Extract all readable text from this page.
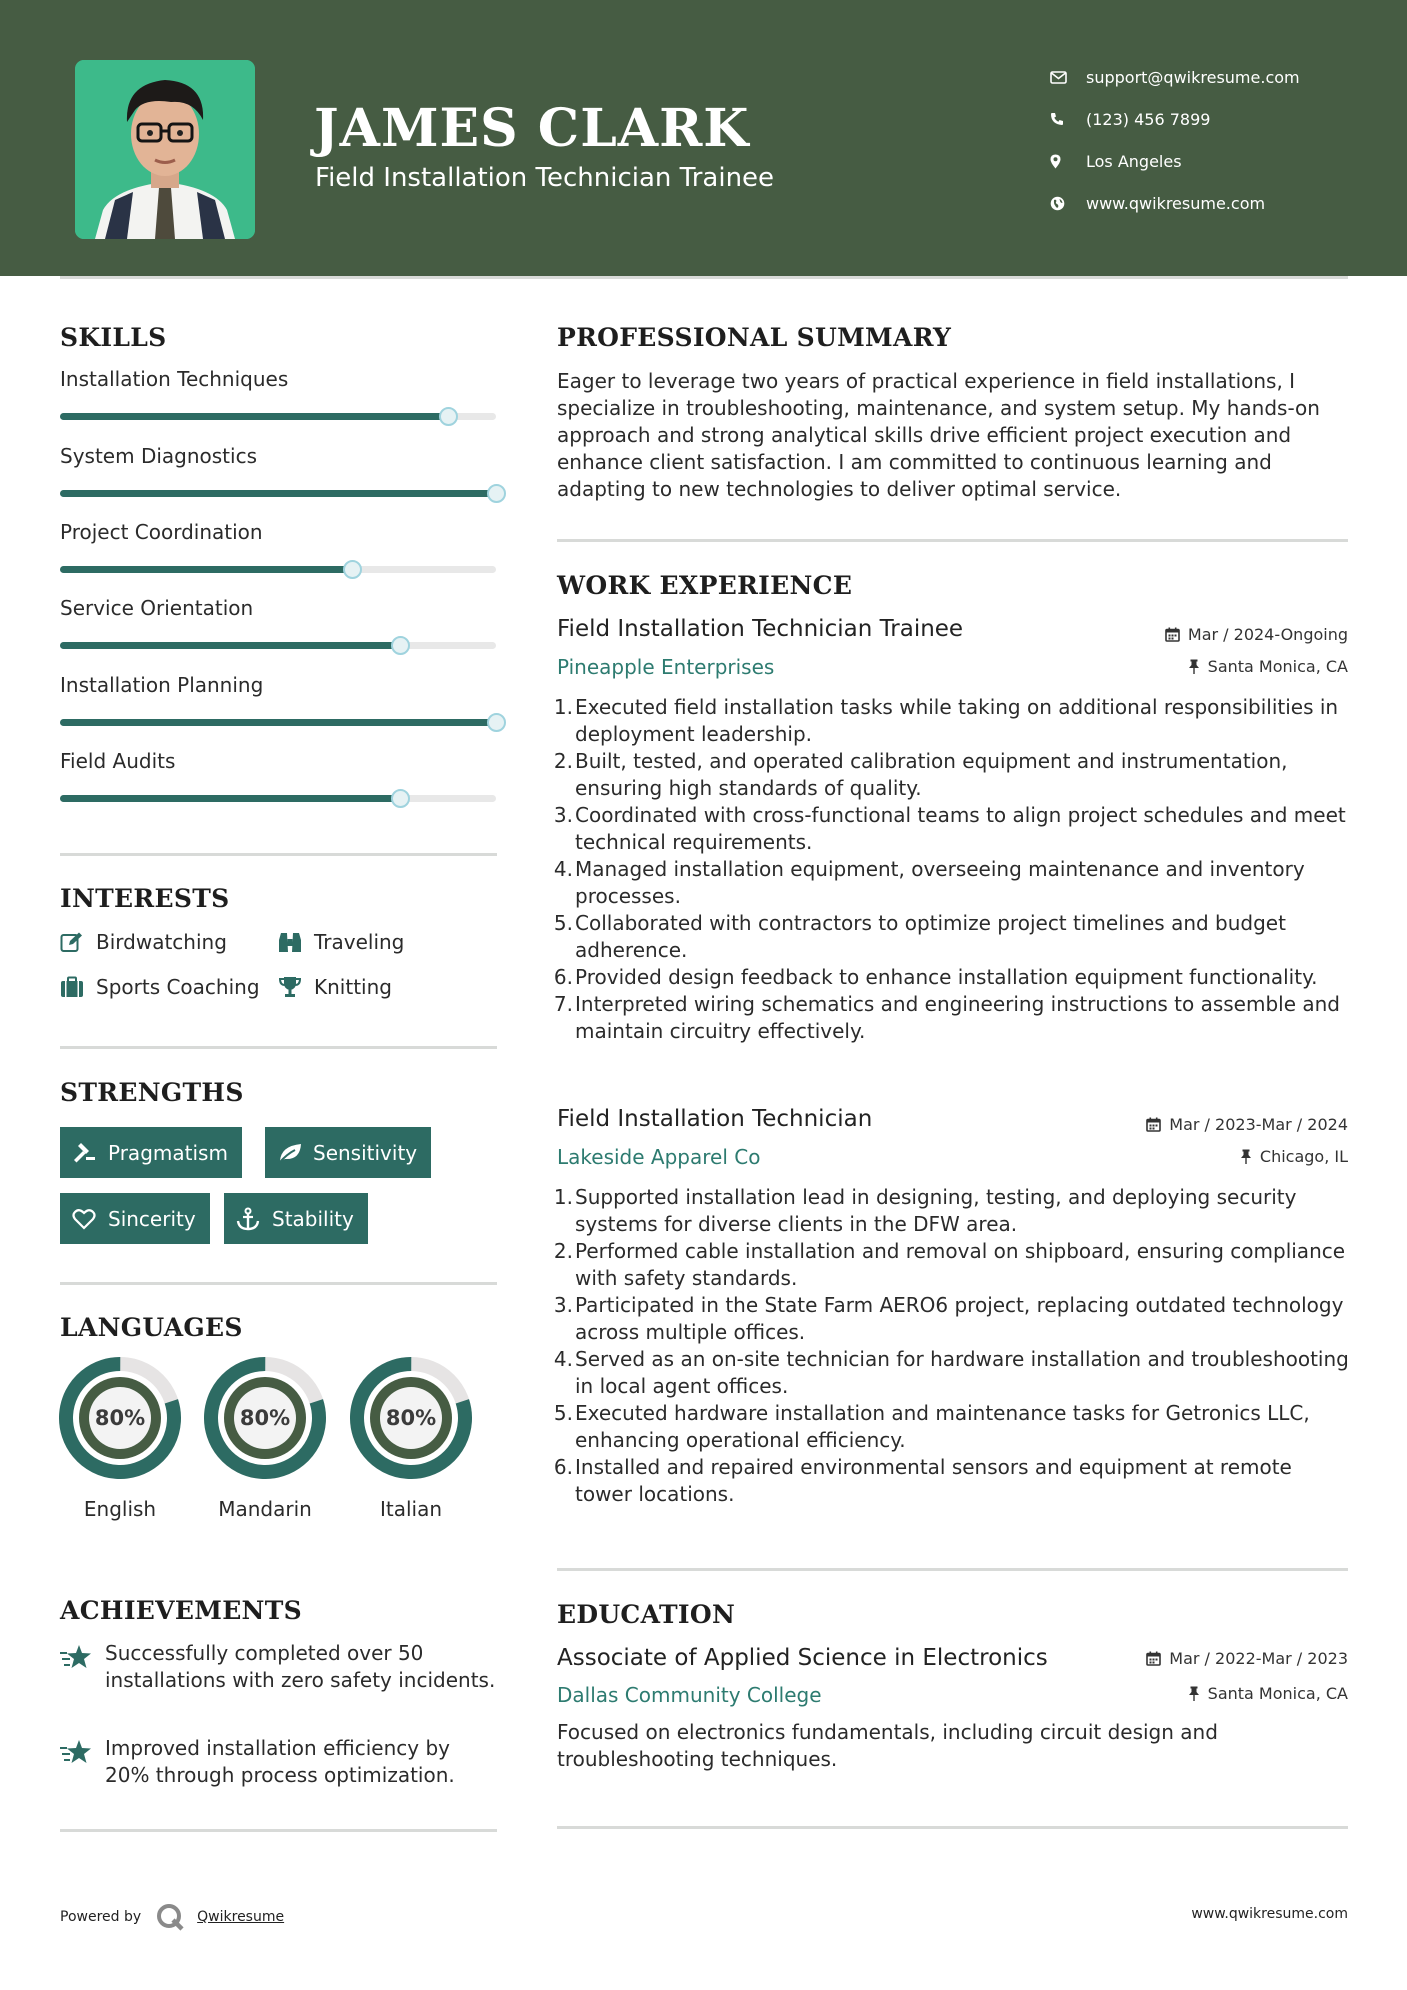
JAMES CLARK
Field Installation Technician Trainee
support@qwikresume.com
(123) 456 7899
Los Angeles
www.qwikresume.com
SKILLS
Installation Techniques
System Diagnostics
Project Coordination
Service Orientation
Installation Planning
Field Audits
INTERESTS
Birdwatching	Traveling
Sports Coaching	Knitting
STRENGTHS
Pragmatism	Sensitivity
Sincerity	Stability
LANGUAGES
80%
English
80%
Mandarin
80%
Italian
ACHIEVEMENTS
Successfully completed over 50 installations with zero safety incidents.
Improved installation efficiency by 20% through process optimization.
PROFESSIONAL SUMMARY
Eager to leverage two years of practical experience in field installations, I specialize in troubleshooting, maintenance, and system setup. My hands-on approach and strong analytical skills drive efficient project execution and enhance client satisfaction. I am committed to continuous learning and adapting to new technologies to deliver optimal service.
WORK EXPERIENCE
Field Installation Technician Trainee	Mar / 2024-Ongoing
Pineapple Enterprises	Santa Monica, CA
1. Executed field installation tasks while taking on additional responsibilities in deployment leadership.
2. Built, tested, and operated calibration equipment and instrumentation, ensuring high standards of quality.
3. Coordinated with cross-functional teams to align project schedules and meet technical requirements.
4. Managed installation equipment, overseeing maintenance and inventory processes.
5. Collaborated with contractors to optimize project timelines and budget adherence.
6. Provided design feedback to enhance installation equipment functionality.
7. Interpreted wiring schematics and engineering instructions to assemble and maintain circuitry effectively.
Field Installation Technician	Mar / 2023-Mar / 2024
Lakeside Apparel Co	Chicago, IL
1. Supported installation lead in designing, testing, and deploying security systems for diverse clients in the DFW area.
2. Performed cable installation and removal on shipboard, ensuring compliance with safety standards.
3. Participated in the State Farm AERO6 project, replacing outdated technology across multiple offices.
4. Served as an on-site technician for hardware installation and troubleshooting in local agent offices.
5. Executed hardware installation and maintenance tasks for Getronics LLC, enhancing operational efficiency.
6. Installed and repaired environmental sensors and equipment at remote tower locations.
EDUCATION
Associate of Applied Science in Electronics	Mar / 2022-Mar / 2023
Dallas Community College	Santa Monica, CA
Focused on electronics fundamentals, including circuit design and troubleshooting techniques.
Powered by	Qwikresume	www.qwikresume.com
